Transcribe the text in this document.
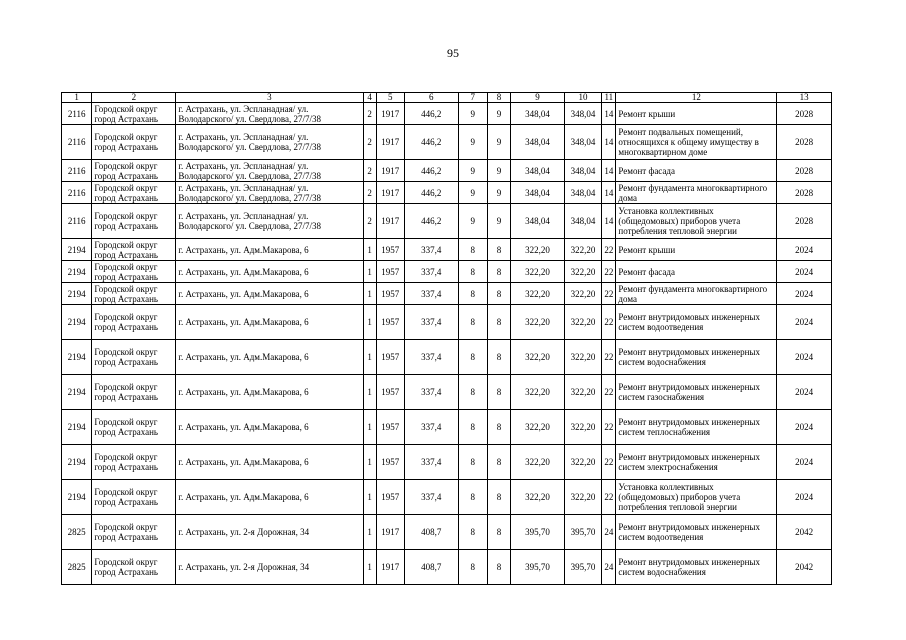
95
1	2	3	4	5	6	7	8	9	10	11	12	13
2116	Городской округ город Астрахань	г. Астрахань, ул. Эспланадная/ ул. Володарского/ ул. Свердлова, 27/7/38	2	1917	446,2	9	9	348,04	348,04	14	Ремонт крыши	2028
2116	Городской округ город Астрахань	г. Астрахань, ул. Эспланадная/ ул. Володарского/ ул. Свердлова, 27/7/38	2	1917	446,2	9	9	348,04	348,04	14	Ремонт подвальных помещений, относящихся к общему имуществу в многоквартирном доме	2028
2116	Городской округ город Астрахань	г. Астрахань, ул. Эспланадная/ ул. Володарского/ ул. Свердлова, 27/7/38	2	1917	446,2	9	9	348,04	348,04	14	Ремонт фасада	2028
2116	Городской округ город Астрахань	г. Астрахань, ул. Эспланадная/ ул. Володарского/ ул. Свердлова, 27/7/38	2	1917	446,2	9	9	348,04	348,04	14	Ремонт фундамента многоквартирного дома	2028
2116	Городской округ город Астрахань	г. Астрахань, ул. Эспланадная/ ул. Володарского/ ул. Свердлова, 27/7/38	2	1917	446,2	9	9	348,04	348,04	14	Установка коллективных (общедомовых) приборов учета потребления тепловой энергии	2028
2194	Городской округ город Астрахань	г. Астрахань, ул. Адм.Макарова, 6	1	1957	337,4	8	8	322,20	322,20	22	Ремонт крыши	2024
2194	Городской округ город Астрахань	г. Астрахань, ул. Адм.Макарова, 6	1	1957	337,4	8	8	322,20	322,20	22	Ремонт фасада	2024
2194	Городской округ город Астрахань	г. Астрахань, ул. Адм.Макарова, 6	1	1957	337,4	8	8	322,20	322,20	22	Ремонт фундамента многоквартирного дома	2024
2194	Городской округ город Астрахань	г. Астрахань, ул. Адм.Макарова, 6	1	1957	337,4	8	8	322,20	322,20	22	Ремонт внутридомовых инженерных систем водоотведения	2024
2194	Городской округ город Астрахань	г. Астрахань, ул. Адм.Макарова, 6	1	1957	337,4	8	8	322,20	322,20	22	Ремонт внутридомовых инженерных систем водоснабжения	2024
2194	Городской округ город Астрахань	г. Астрахань, ул. Адм.Макарова, 6	1	1957	337,4	8	8	322,20	322,20	22	Ремонт внутридомовых инженерных систем газоснабжения	2024
2194	Городской округ город Астрахань	г. Астрахань, ул. Адм.Макарова, 6	1	1957	337,4	8	8	322,20	322,20	22	Ремонт внутридомовых инженерных систем теплоснабжения	2024
2194	Городской округ город Астрахань	г. Астрахань, ул. Адм.Макарова, 6	1	1957	337,4	8	8	322,20	322,20	22	Ремонт внутридомовых инженерных систем электроснабжения	2024
2194	Городской округ город Астрахань	г. Астрахань, ул. Адм.Макарова, 6	1	1957	337,4	8	8	322,20	322,20	22	Установка коллективных (общедомовых) приборов учета потребления тепловой энергии	2024
2825	Городской округ город Астрахань	г. Астрахань, ул. 2-я Дорожная, 34	1	1917	408,7	8	8	395,70	395,70	24	Ремонт внутридомовых инженерных систем водоотведения	2042
2825	Городской округ город Астрахань	г. Астрахань, ул. 2-я Дорожная, 34	1	1917	408,7	8	8	395,70	395,70	24	Ремонт внутридомовых инженерных систем водоснабжения	2042
